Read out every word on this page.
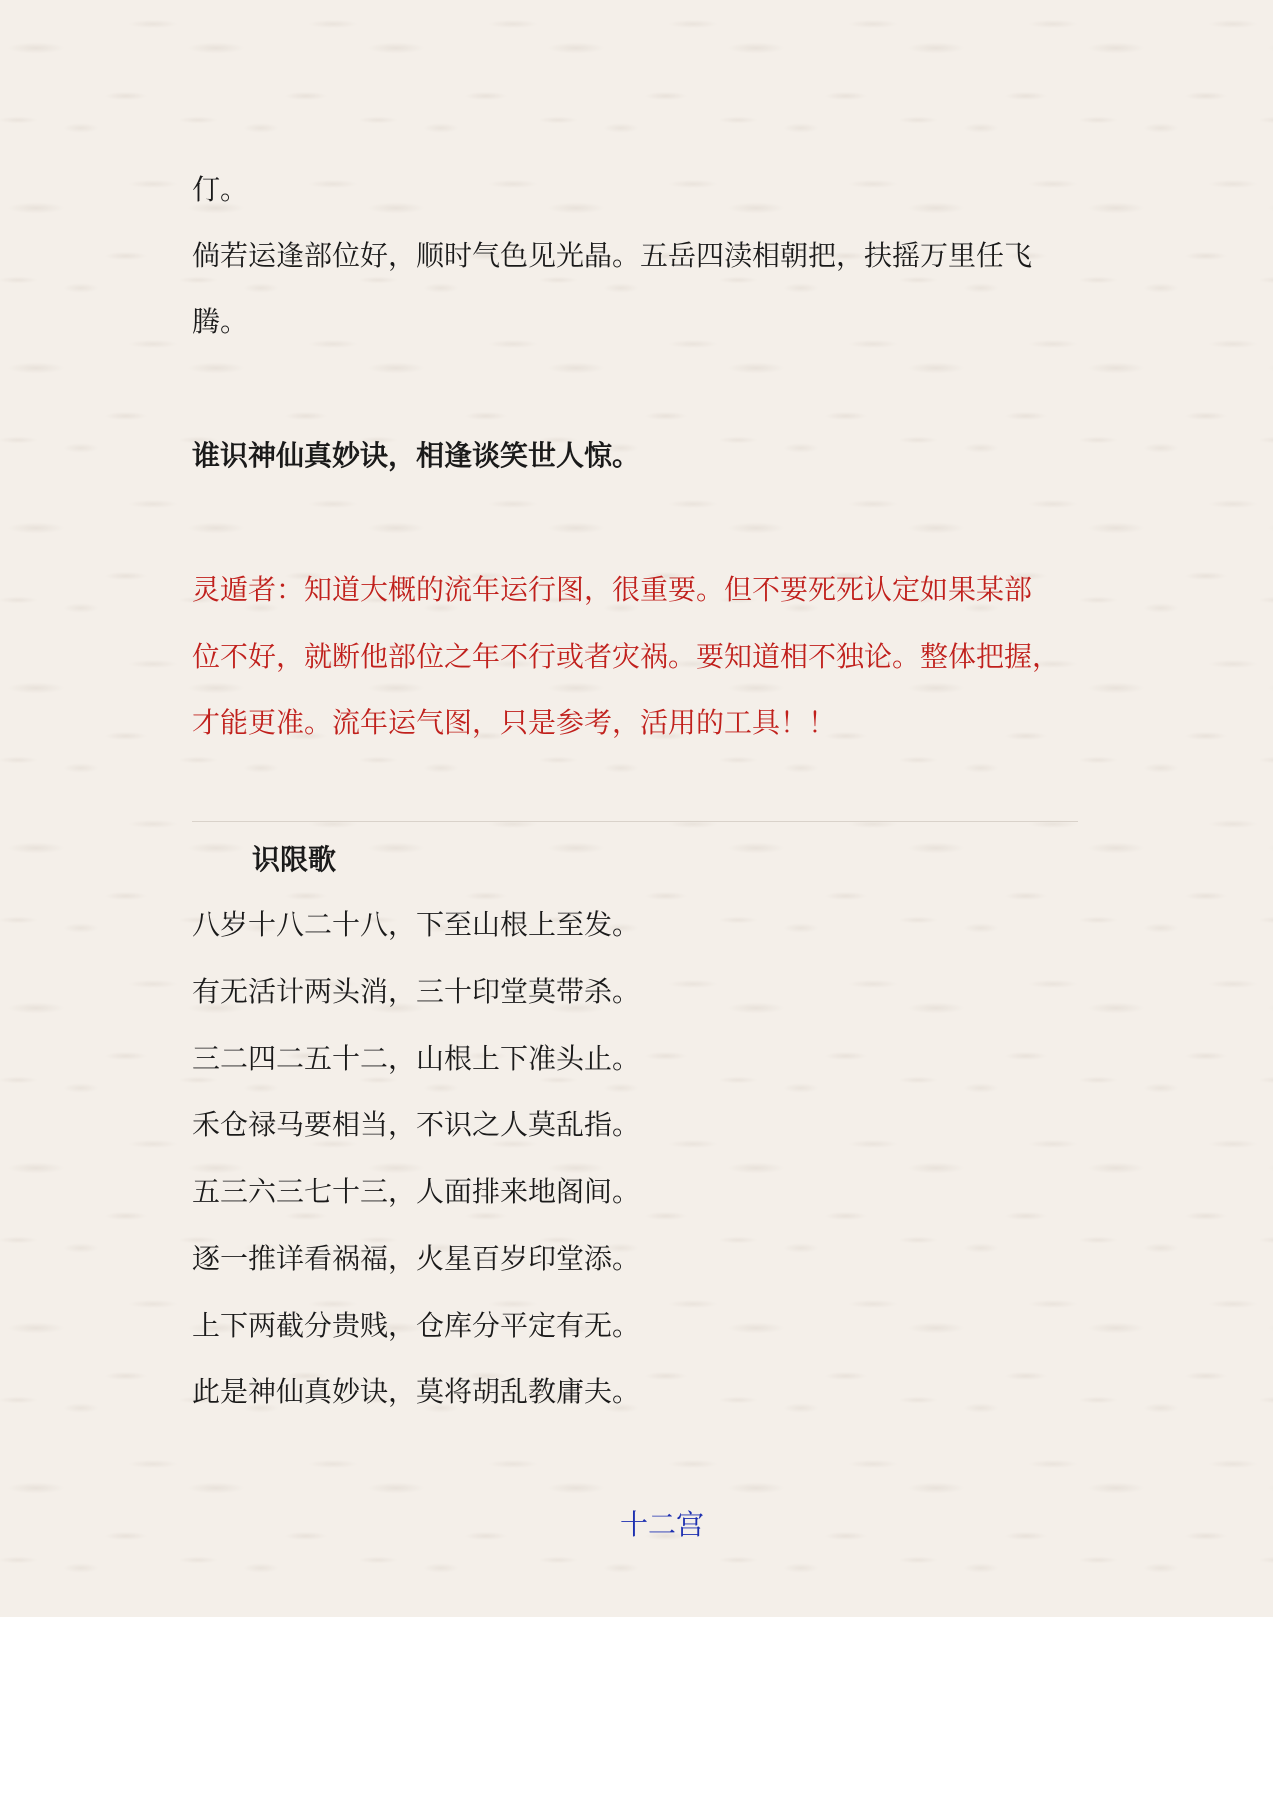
仃。
倘若运逢部位好，顺时气色见光晶。五岳四渎相朝把，扶摇万里任飞
腾。
谁识神仙真妙诀，相逢谈笑世人惊。
灵遁者：知道大概的流年运行图，很重要。但不要死死认定如果某部
位不好，就断他部位之年不行或者灾祸。要知道相不独论。整体把握，
才能更准。流年运气图，只是参考，活用的工具！！
识限歌
八岁十八二十八，下至山根上至发。
有无活计两头消，三十印堂莫带杀。
三二四二五十二，山根上下准头止。
禾仓禄马要相当，不识之人莫乱指。
五三六三七十三，人面排来地阁间。
逐一推详看祸福，火星百岁印堂添。
上下两截分贵贱，仓库分平定有无。
此是神仙真妙诀，莫将胡乱教庸夫。
十二宫
